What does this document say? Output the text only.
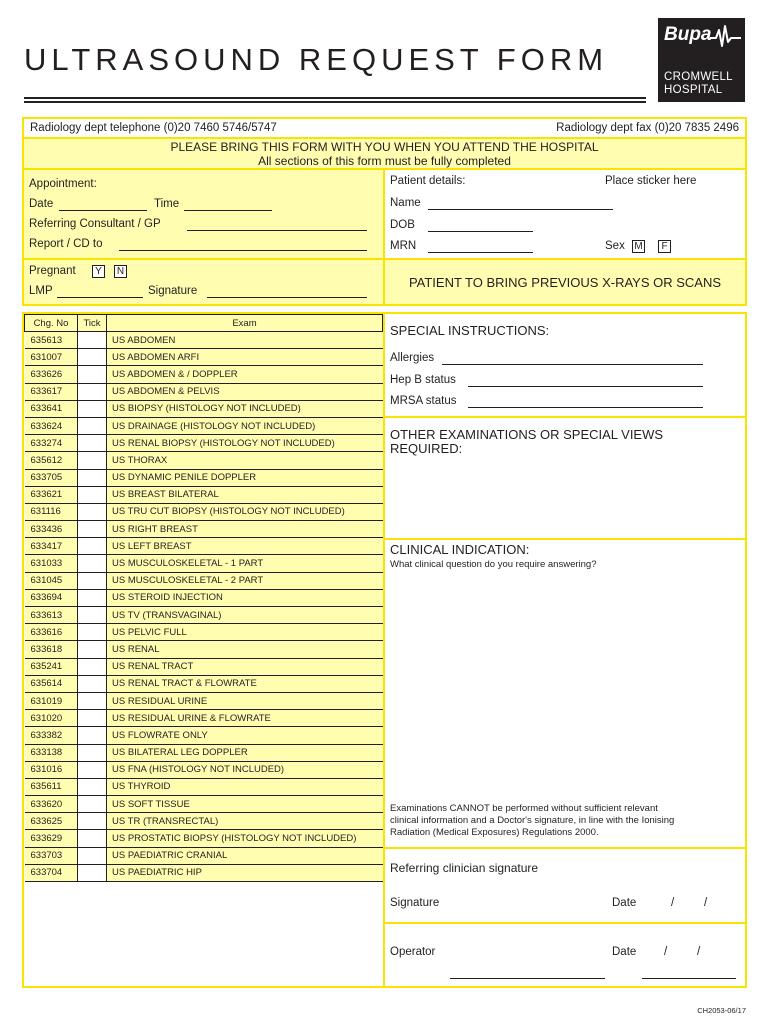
ULTRASOUND REQUEST FORM
Bupa
CROMWELL
HOSPITAL
Radiology dept telephone (0)20 7460 5746/5747	Radiology dept fax (0)20 7835 2496
PLEASE BRING THIS FORM WITH YOU WHEN YOU ATTEND THE HOSPITAL
All sections of this form must be fully completed
Appointment:
Date	Time
Referring Consultant / GP
Report / CD to
Patient details:	Place sticker here
Name
DOB
MRN	Sex M	F
Pregnant	Y	N
LMP	Signature
PATIENT TO BRING PREVIOUS X-RAYS OR SCANS
Chg. No	Tick	Exam
635613		US ABDOMEN
631007		US ABDOMEN ARFI
633626		US ABDOMEN & / DOPPLER
633617		US ABDOMEN & PELVIS
633641		US BIOPSY (HISTOLOGY NOT INCLUDED)
633624		US DRAINAGE (HISTOLOGY NOT INCLUDED)
633274		US RENAL BIOPSY (HISTOLOGY NOT INCLUDED)
635612		US THORAX
633705		US DYNAMIC PENILE DOPPLER
633621		US BREAST BILATERAL
631116		US TRU CUT BIOPSY (HISTOLOGY NOT INCLUDED)
633436		US RIGHT BREAST
633417		US LEFT BREAST
631033		US MUSCULOSKELETAL - 1 PART
631045		US MUSCULOSKELETAL - 2 PART
633694		US STEROID INJECTION
633613		US TV (TRANSVAGINAL)
633616		US PELVIC FULL
633618		US RENAL
635241		US RENAL TRACT
635614		US RENAL TRACT & FLOWRATE
631019		US RESIDUAL URINE
631020		US RESIDUAL URINE & FLOWRATE
633382		US FLOWRATE ONLY
633138		US BILATERAL LEG DOPPLER
631016		US FNA (HISTOLOGY NOT INCLUDED)
635611		US THYROID
633620		US SOFT TISSUE
633625		US TR (TRANSRECTAL)
633629		US PROSTATIC BIOPSY (HISTOLOGY NOT INCLUDED)
633703		US PAEDIATRIC CRANIAL
633704		US PAEDIATRIC HIP
SPECIAL INSTRUCTIONS:
Allergies
Hep B status
MRSA status
OTHER EXAMINATIONS OR SPECIAL VIEWS
REQUIRED:
CLINICAL INDICATION:
What clinical question do you require answering?
Examinations CANNOT be performed without sufficient relevant
clinical information and a Doctor's signature, in line with the Ionising
Radiation (Medical Exposures) Regulations 2000.
Referring clinician signature
Signature	Date	/	/
Operator	Date /	/
CH2053-06/17
